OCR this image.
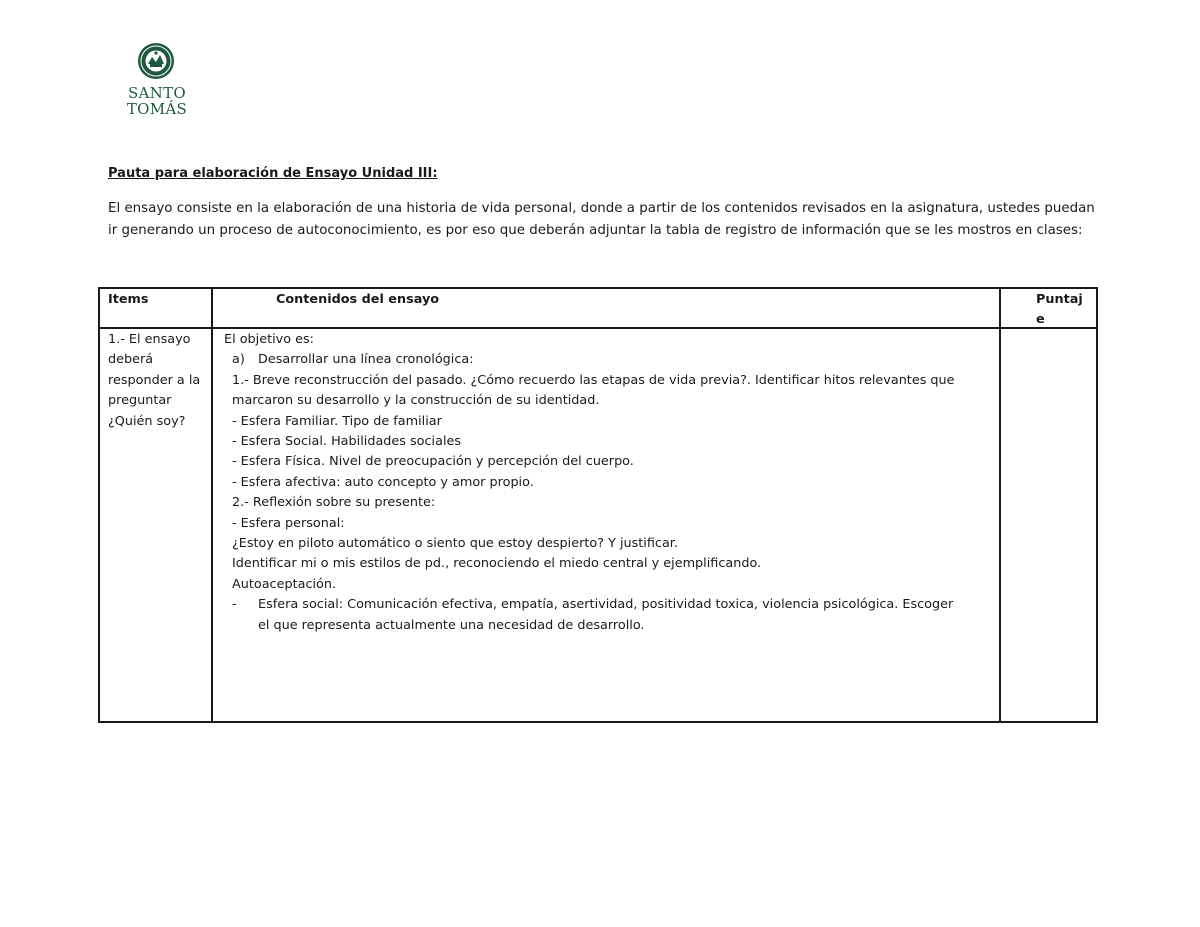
SANTO
TOMÁS
Pauta para elaboración de Ensayo Unidad III:
El ensayo consiste en la elaboración de una historia de vida personal, donde a partir de los contenidos revisados en la asignatura, ustedes puedan
ir generando un proceso de autoconocimiento, es por eso que deberán adjuntar la tabla de registro de información que se les mostros en clases:
Items	Contenidos del ensayo	Puntaj
e
1.- El ensayo
deberá
responder a la
preguntar
¿Quién soy?
El objetivo es:
a) Desarrollar una línea cronológica:
1.- Breve reconstrucción del pasado. ¿Cómo recuerdo las etapas de vida previa?. Identificar hitos relevantes que
marcaron su desarrollo y la construcción de su identidad.
- Esfera Familiar. Tipo de familiar
- Esfera Social. Habilidades sociales
- Esfera Física. Nivel de preocupación y percepción del cuerpo.
- Esfera afectiva: auto concepto y amor propio.
2.- Reflexión sobre su presente:
- Esfera personal:
¿Estoy en piloto automático o siento que estoy despierto? Y justificar.
Identificar mi o mis estilos de pd., reconociendo el miedo central y ejemplificando.
Autoaceptación.
- Esfera social: Comunicación efectiva, empatía, asertividad, positividad toxica, violencia psicológica. Escoger
el que representa actualmente una necesidad de desarrollo.
